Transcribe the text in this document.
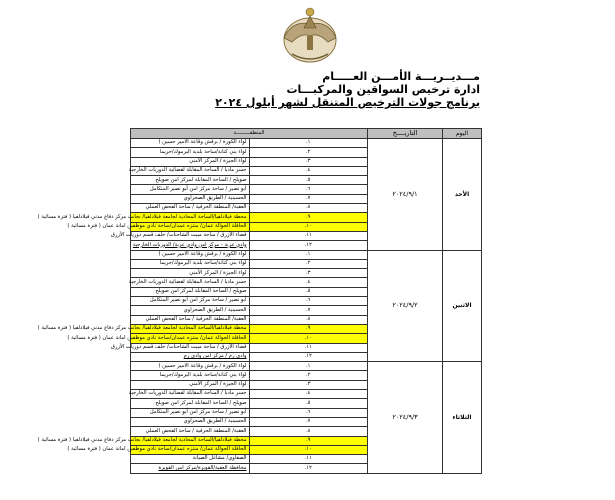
مـــديــريـــة الأمـــن العـــــام
ادارة ترخيص السواقين والمركبـــات
برنامج جولات الترخيص المتنقل لشهر أيلول ٢٠٢٤
اليوم	التاريــــخ	المنطقـــــــــة	
الأحد	٢٠٢٤/٩/١	١.	لواء الكورة / برقش وقاعة الامير حسين )
		٢.	لواء بني كنانة/ساحة بلدية اليرموك/حريما
		٣.	لواء الجيزة / المركز الأمني
		٤.	جسر مادبا / الساحة المقابلة لقضائية الدوريات الخارجية
		٥.	صويلح / الساحة المقابلة لمركز امن صويلح
		٦.	أبو نصير / ساحة مركز امن أبو نصير المتكامل
		٧.	الحسينية / الطريق الصحراوي
		٨.	العقبة/ المنطقة الحرفية / ساحة الفحص العملي
		٩.	محطة فيلادلفيا/الساحة المحاذية لجامعة فيلادلفيا/ بجانب مركز دفاع مدني فيلادلفيا ( فترة مسائية )
		١٠.	الحافلة الجوالة عمان/ منتزه عمدان/ساحة نادي موظفين امانة عمان ( فترة مسائية )
		١١.	قضاء الأزرق / ساحة مبيت الشاحنات/ خلف قسم دوريات الأزرق
		١٢.	وادي عربة - مركز امن وادي عربة/ الدوريات الخارجية
الاثنين	٢٠٢٤/٩/٢	١.	لواء الكورة / برقش وقاعة الامير حسين )
		٢.	لواء بني كنانة/ساحة بلدية اليرموك/حريما
		٣.	لواء الجيزة / المركز الأمني
		٤.	جسر مادبا / الساحة المقابلة لقضائية الدوريات الخارجية
		٥.	صويلح / الساحة المقابلة لمركز امن صويلح
		٦.	أبو نصير / ساحة مركز امن أبو نصير المتكامل
		٧.	الحسينية / الطريق الصحراوي
		٨.	العقبة/ المنطقة الحرفية / ساحة الفحص العملي
		٩.	محطة فيلادلفيا/الساحة المحاذية لجامعة فيلادلفيا/ بجانب مركز دفاع مدني فيلادلفيا ( فترة مسائية )
		١٠.	الحافلة الجوالة عمان/ منتزه عمدان/ساحة نادي موظفين امانة عمان ( فترة مسائية )
		١١.	قضاء الأزرق / ساحة مبيت الشاحنات/ خلف قسم دوريات الأزرق
		١٢.	وادي رم / مركز امن وادي رم
الثلاثاء	٢٠٢٤/٩/٣	١.	لواء الكورة / برقش وقاعة الامير حسين )
		٢.	لواء بني كنانة/ساحة بلدية اليرموك/حريما
		٣.	لواء الجيزة / المركز الأمني
		٤.	جسر مادبا / الساحة المقابلة لقضائية الدوريات الخارجية
		٥.	صويلح / الساحة المقابلة لمركز امن صويلح
		٦.	أبو نصير / ساحة مركز امن أبو نصير المتكامل
		٧.	الحسينية / الطريق الصحراوي
		٨.	العقبة/ المنطقة الحرفية / ساحة الفحص العملي
		٩.	محطة فيلادلفيا/الساحة المحاذية لجامعة فيلادلفيا/ بجانب مركز دفاع مدني فيلادلفيا ( فترة مسائية )
		١٠.	الحافلة الجوالة عمان/ منتزه عمدان/ساحة نادي موظفين امانة عمان ( فترة مسائية )
		١١.	الصفاوي/ مشاغل الصيانة
		١٢.	محافظة العقبة/القويرة/مركز امن القويرة
